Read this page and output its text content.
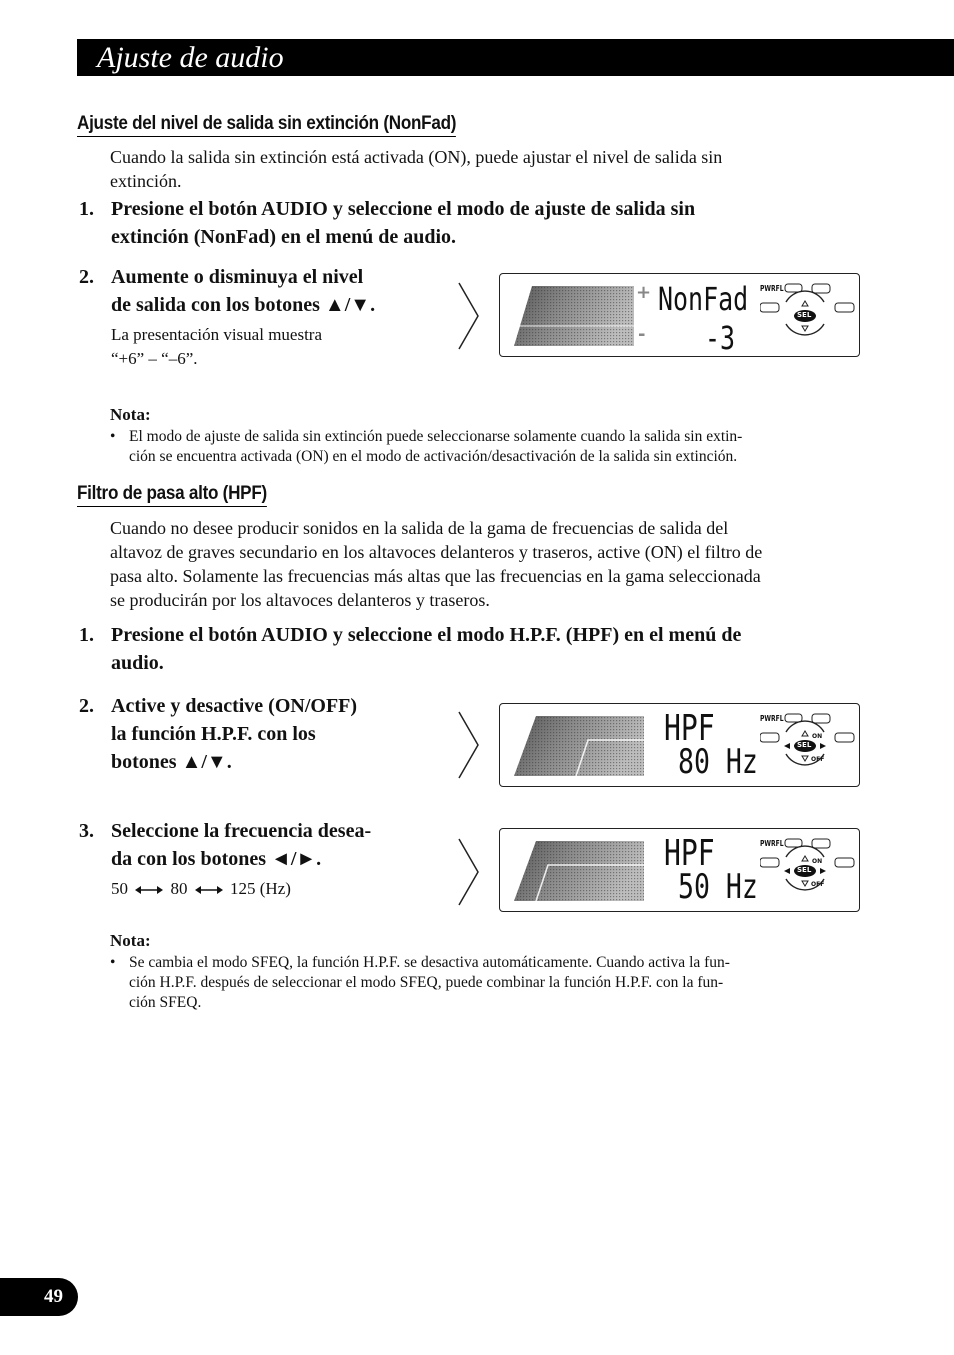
Ajuste de audio
Ajuste del nivel de salida sin extinción (NonFad)
Cuando la salida sin extinción está activada (ON), puede ajustar el nivel de salida sin
extinción.
1. Presione el botón AUDIO y seleccione el modo de ajuste de salida sin
extinción (NonFad) en el menú de audio.
2. Aumente o disminuya el nivel
de salida con los botones ▲/▼.
La presentación visual muestra
“+6” – “–6”.
+
-
NonFad
-3
PWRFL
SEL
Nota:
• El modo de ajuste de salida sin extinción puede seleccionarse solamente cuando la salida sin extin-
ción se encuentra activada (ON) en el modo de activación/desactivación de la salida sin extinción.
Filtro de pasa alto (HPF)
Cuando no desee producir sonidos en la salida de la gama de frecuencias de salida del
altavoz de graves secundario en los altavoces delanteros y traseros, active (ON) el filtro de
pasa alto. Solamente las frecuencias más altas que las frecuencias en la gama seleccionada
se producirán por los altavoces delanteros y traseros.
1. Presione el botón AUDIO y seleccione el modo H.P.F. (HPF) en el menú de
audio.
2. Active y desactive (ON/OFF)
la función H.P.F. con los
botones ▲/▼.
HPF
80 Hz
PWRFL
SEL
ON
OFF
3. Seleccione la frecuencia desea-
da con los botones ◄/►.
50	80	125 (Hz)
HPF
50 Hz
PWRFL
SEL
ON
OFF
Nota:
• Se cambia el modo SFEQ, la función H.P.F. se desactiva automáticamente. Cuando activa la fun-
ción H.P.F. después de seleccionar el modo SFEQ, puede combinar la función H.P.F. con la fun-
ción SFEQ.
49
